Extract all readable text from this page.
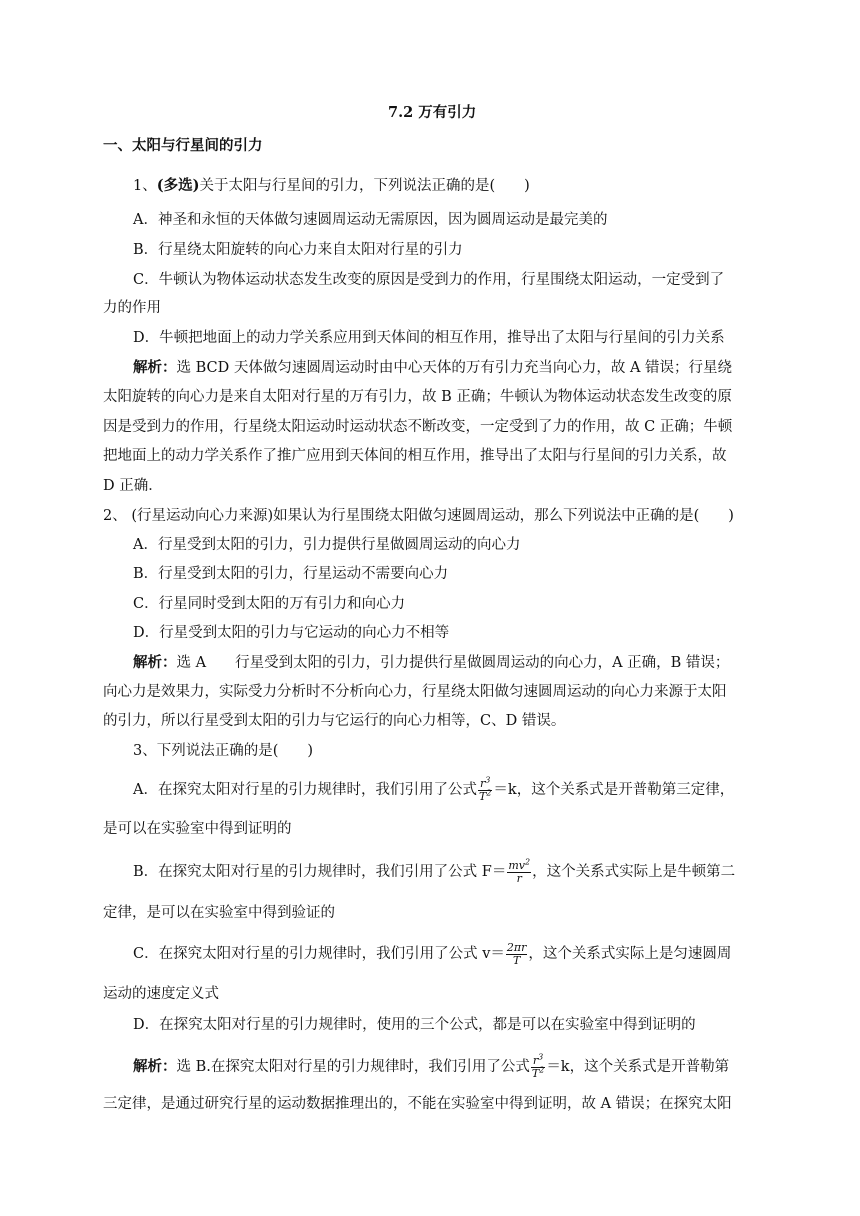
7.2 万有引力
一、太阳与行星间的引力
1、(多选)关于太阳与行星间的引力，下列说法正确的是(　　)
A．神圣和永恒的天体做匀速圆周运动无需原因，因为圆周运动是最完美的
B．行星绕太阳旋转的向心力来自太阳对行星的引力
C．牛顿认为物体运动状态发生改变的原因是受到力的作用，行星围绕太阳运动，一定受到了
力的作用
D．牛顿把地面上的动力学关系应用到天体间的相互作用，推导出了太阳与行星间的引力关系
解析：选 BCD 天体做匀速圆周运动时由中心天体的万有引力充当向心力，故 A 错误；行星绕
太阳旋转的向心力是来自太阳对行星的万有引力，故 B 正确；牛顿认为物体运动状态发生改变的原
因是受到力的作用，行星绕太阳运动时运动状态不断改变，一定受到了力的作用，故 C 正确；牛顿
把地面上的动力学关系作了推广应用到天体间的相互作用，推导出了太阳与行星间的引力关系，故
D 正确．
2、 (行星运动向心力来源)如果认为行星围绕太阳做匀速圆周运动，那么下列说法中正确的是(　　)
A．行星受到太阳的引力，引力提供行星做圆周运动的向心力
B．行星受到太阳的引力，行星运动不需要向心力
C．行星同时受到太阳的万有引力和向心力
D．行星受到太阳的引力与它运动的向心力不相等
解析：选 A　　行星受到太阳的引力，引力提供行星做圆周运动的向心力，A 正确，B 错误；
向心力是效果力，实际受力分析时不分析向心力，行星绕太阳做匀速圆周运动的向心力来源于太阳
的引力，所以行星受到太阳的引力与它运行的向心力相等，C、D 错误。
3、下列说法正确的是(　　)
A．在探究太阳对行星的引力规律时，我们引用了公式 $\frac{r^3}{T^2} =k$，这个关系式是开普勒第三定律，
是可以在实验室中得到证明的
B．在探究太阳对行星的引力规律时，我们引用了公式 $F= \frac{mv^2}{r}$ ，这个关系式实际上是牛顿第二
定律，是可以在实验室中得到验证的
C．在探究太阳对行星的引力规律时，我们引用了公式 $v= \frac{2\pi r}{T}$ ，这个关系式实际上是匀速圆周
运动的速度定义式
D．在探究太阳对行星的引力规律时，使用的三个公式，都是可以在实验室中得到证明的
解析：选 B.在探究太阳对行星的引力规律时，我们引用了公式 $\frac{r^3}{T^2} =k$，这个关系式是开普勒第
三定律，是通过研究行星的运动数据推理出的，不能在实验室中得到证明，故 A 错误；在探究太阳
